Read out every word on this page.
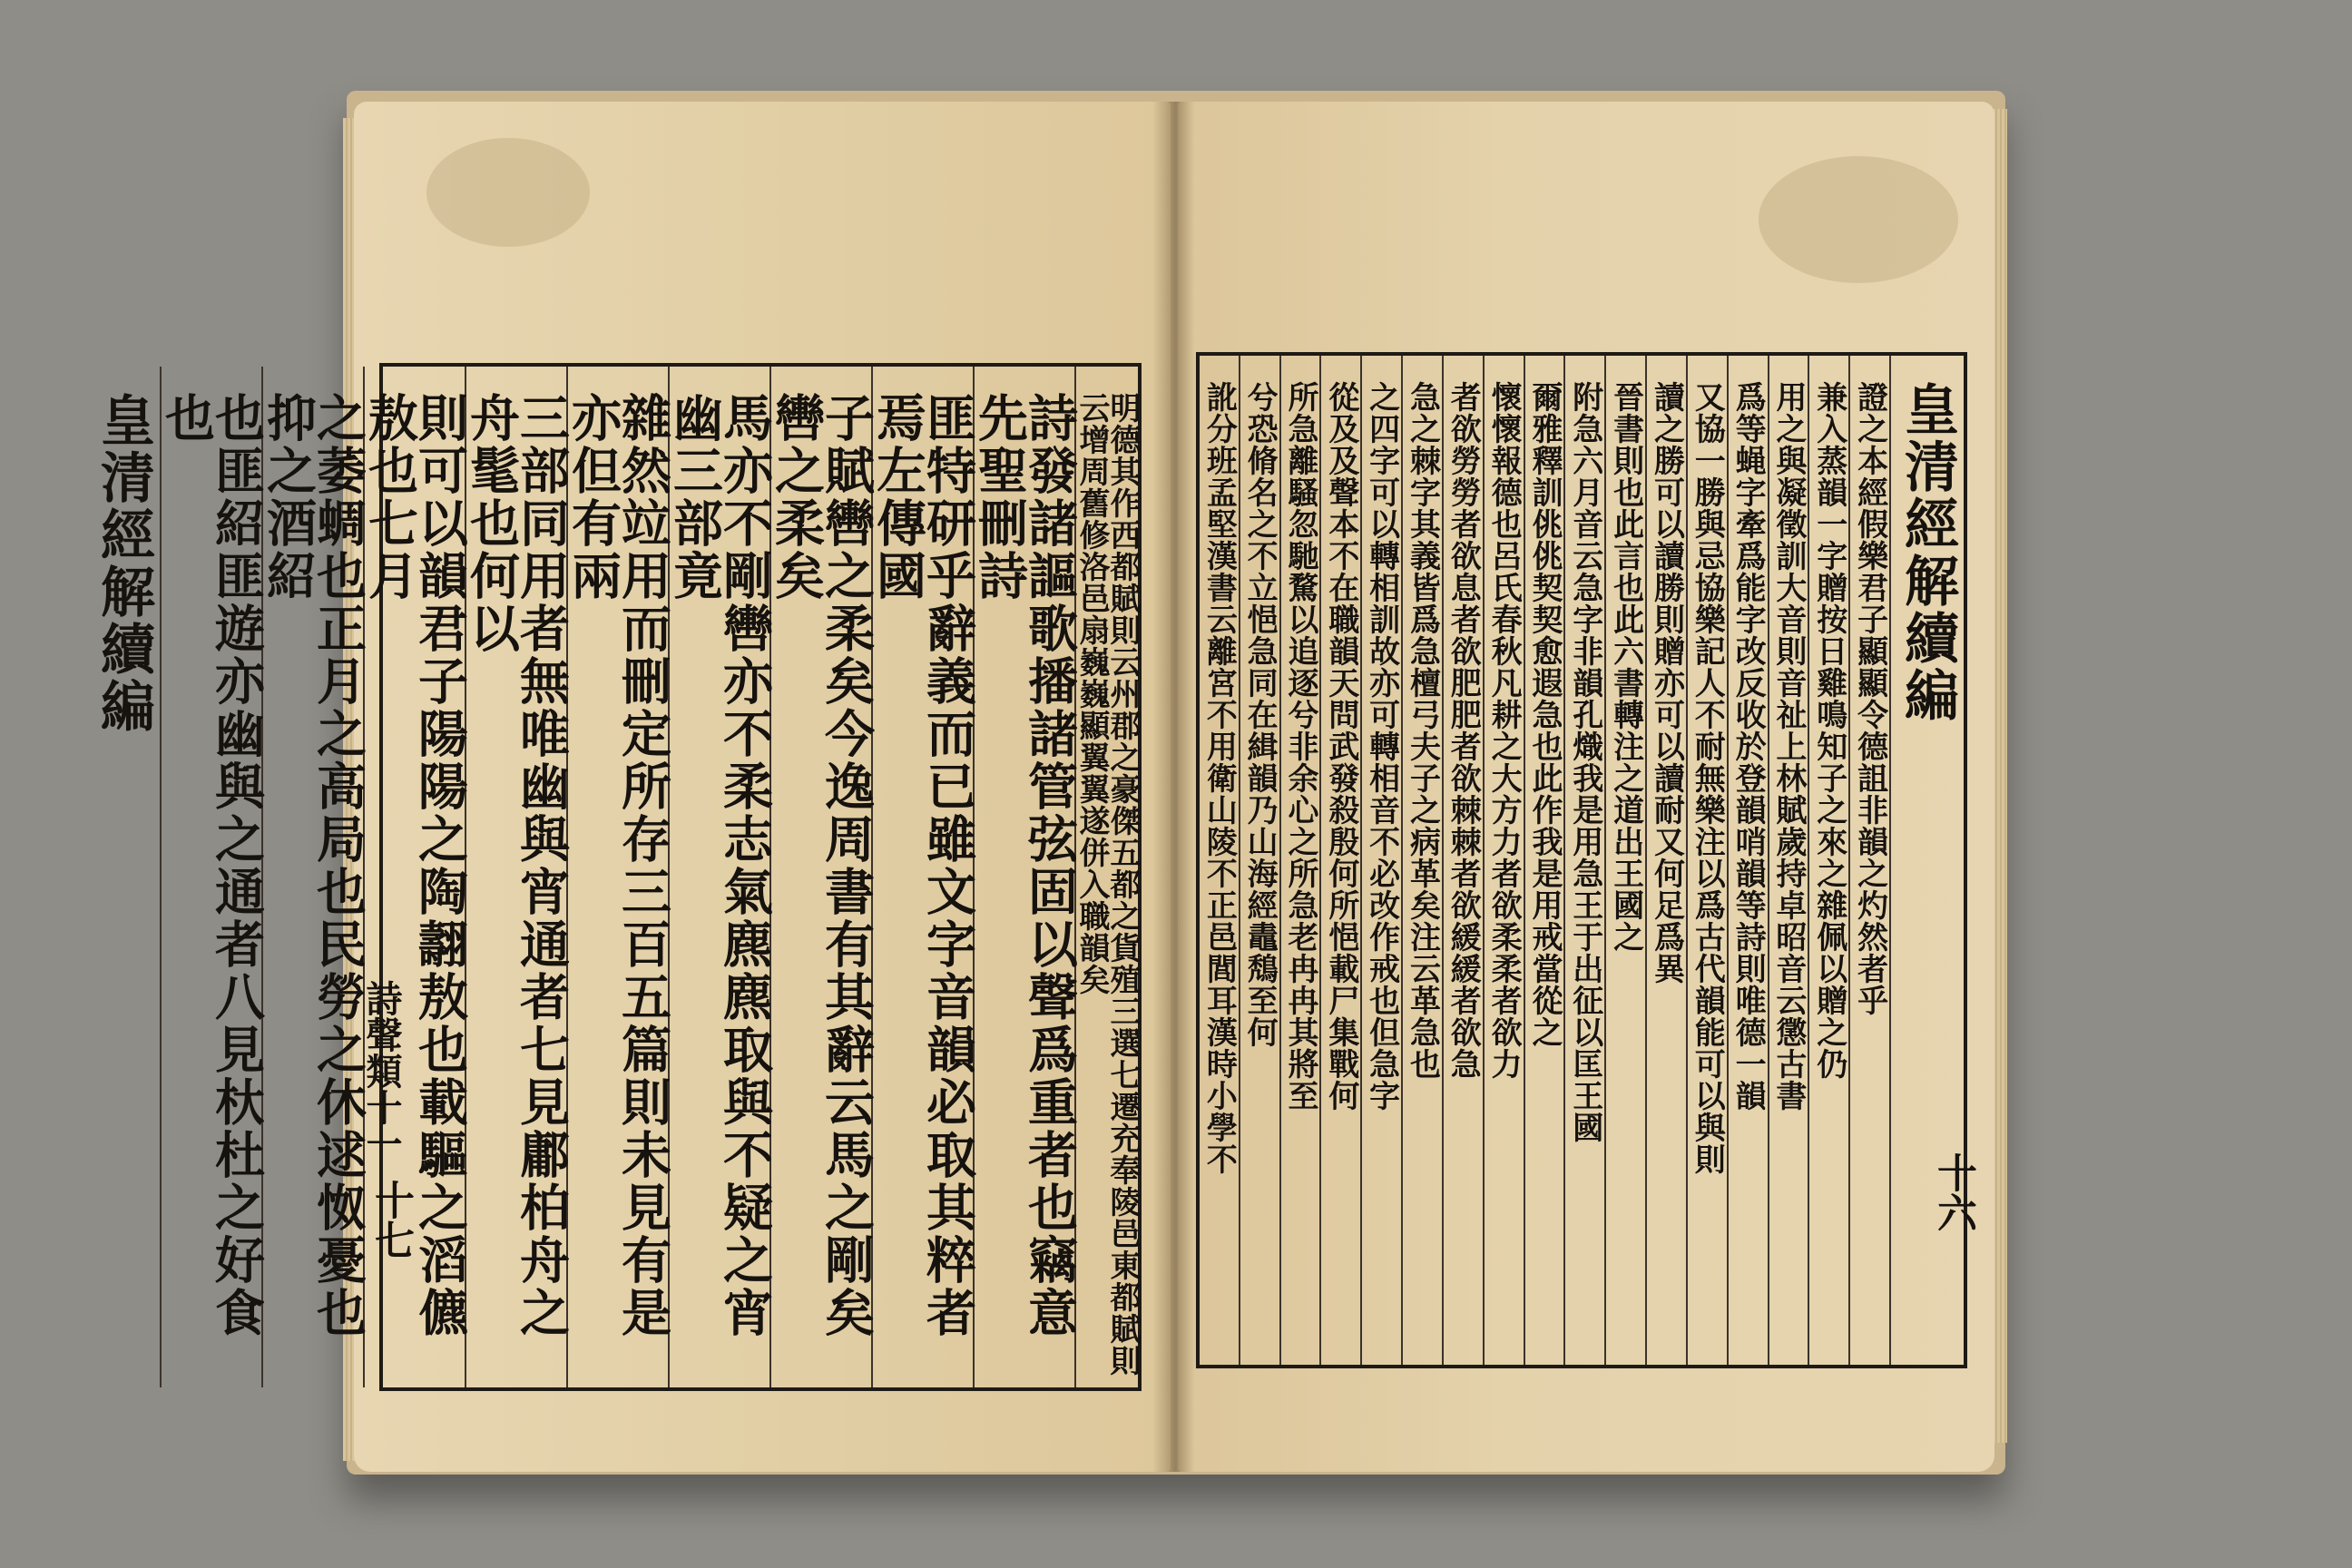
明德其作西都賦則云州郡之豪傑五都之貨殖三選七遷充奉陵邑東都賦則云增周舊修洛邑扇巍巍顯翼翼遂併入職韻矣
詩發諸謳歌播諸管弦固以聲爲重者也竊意先聖刪詩
匪特研乎辭義而已雖文字音韻必取其粹者焉左傳國
子賦轡之柔矣今逸周書有其辭云馬之剛矣轡之柔矣
馬亦不剛轡亦不柔志氣麃麃取與不疑之宵幽三部竟
雜然竝用而刪定所存三百五篇則未見有是亦但有兩
三部同用者無唯幽與宵通者七見鄘柏舟之舟髦也何以
則可以韻君子陽陽之陶翿敖也載驅之滔儦敖也七月
之萎蜩也正月之高局也民勞之休逑怓憂也抑之酒紹
也匪紹匪遊亦幽與之通者八見杕杜之好食也
皇清經解續編
詩聲類十一
十七
皇清經解續編
證之本經假樂君子顯顯令德詛非韻之灼然者乎
兼入蒸韻一字贈按日雞鳴知子之來之雜佩以贈之仍
用之與凝徵訓大音則音祉上林賦歲持卓昭音云懲古書
爲等蝇字牽爲能字改反收於登韻哨韻等詩則唯德一韻
又協一勝與忌協樂記人不耐無樂注以爲古代韻能可以與則
讀之勝可以讀勝則贈亦可以讀耐又何足爲異
晉書則也此言也此六書轉注之道出王國之
附急六月音云急字非韻孔熾我是用急王于出征以匡王國
爾雅釋訓佻佻契契愈遐急也此作我是用戒當從之
懷懷報德也呂氏春秋凡耕之大方力者欲柔柔者欲力
者欲勞勞者欲息者欲肥肥者欲棘棘者欲緩緩者欲急
急之棘字其義皆爲急檀弓夫子之病革矣注云革急也
之四字可以轉相訓故亦可轉相音不必改作戒也但急字
從及及聲本不在職韻天問武發殺殷何所悒載尸集戰何
所急離騷忽馳騖以追逐兮非余心之所急老冉冉其將至
兮恐脩名之不立悒急同在緝韻乃山海經鼃鵚至何
訛分班孟堅漢書云離宮不用衛山陵不正邑閭耳漢時小學不
十六
